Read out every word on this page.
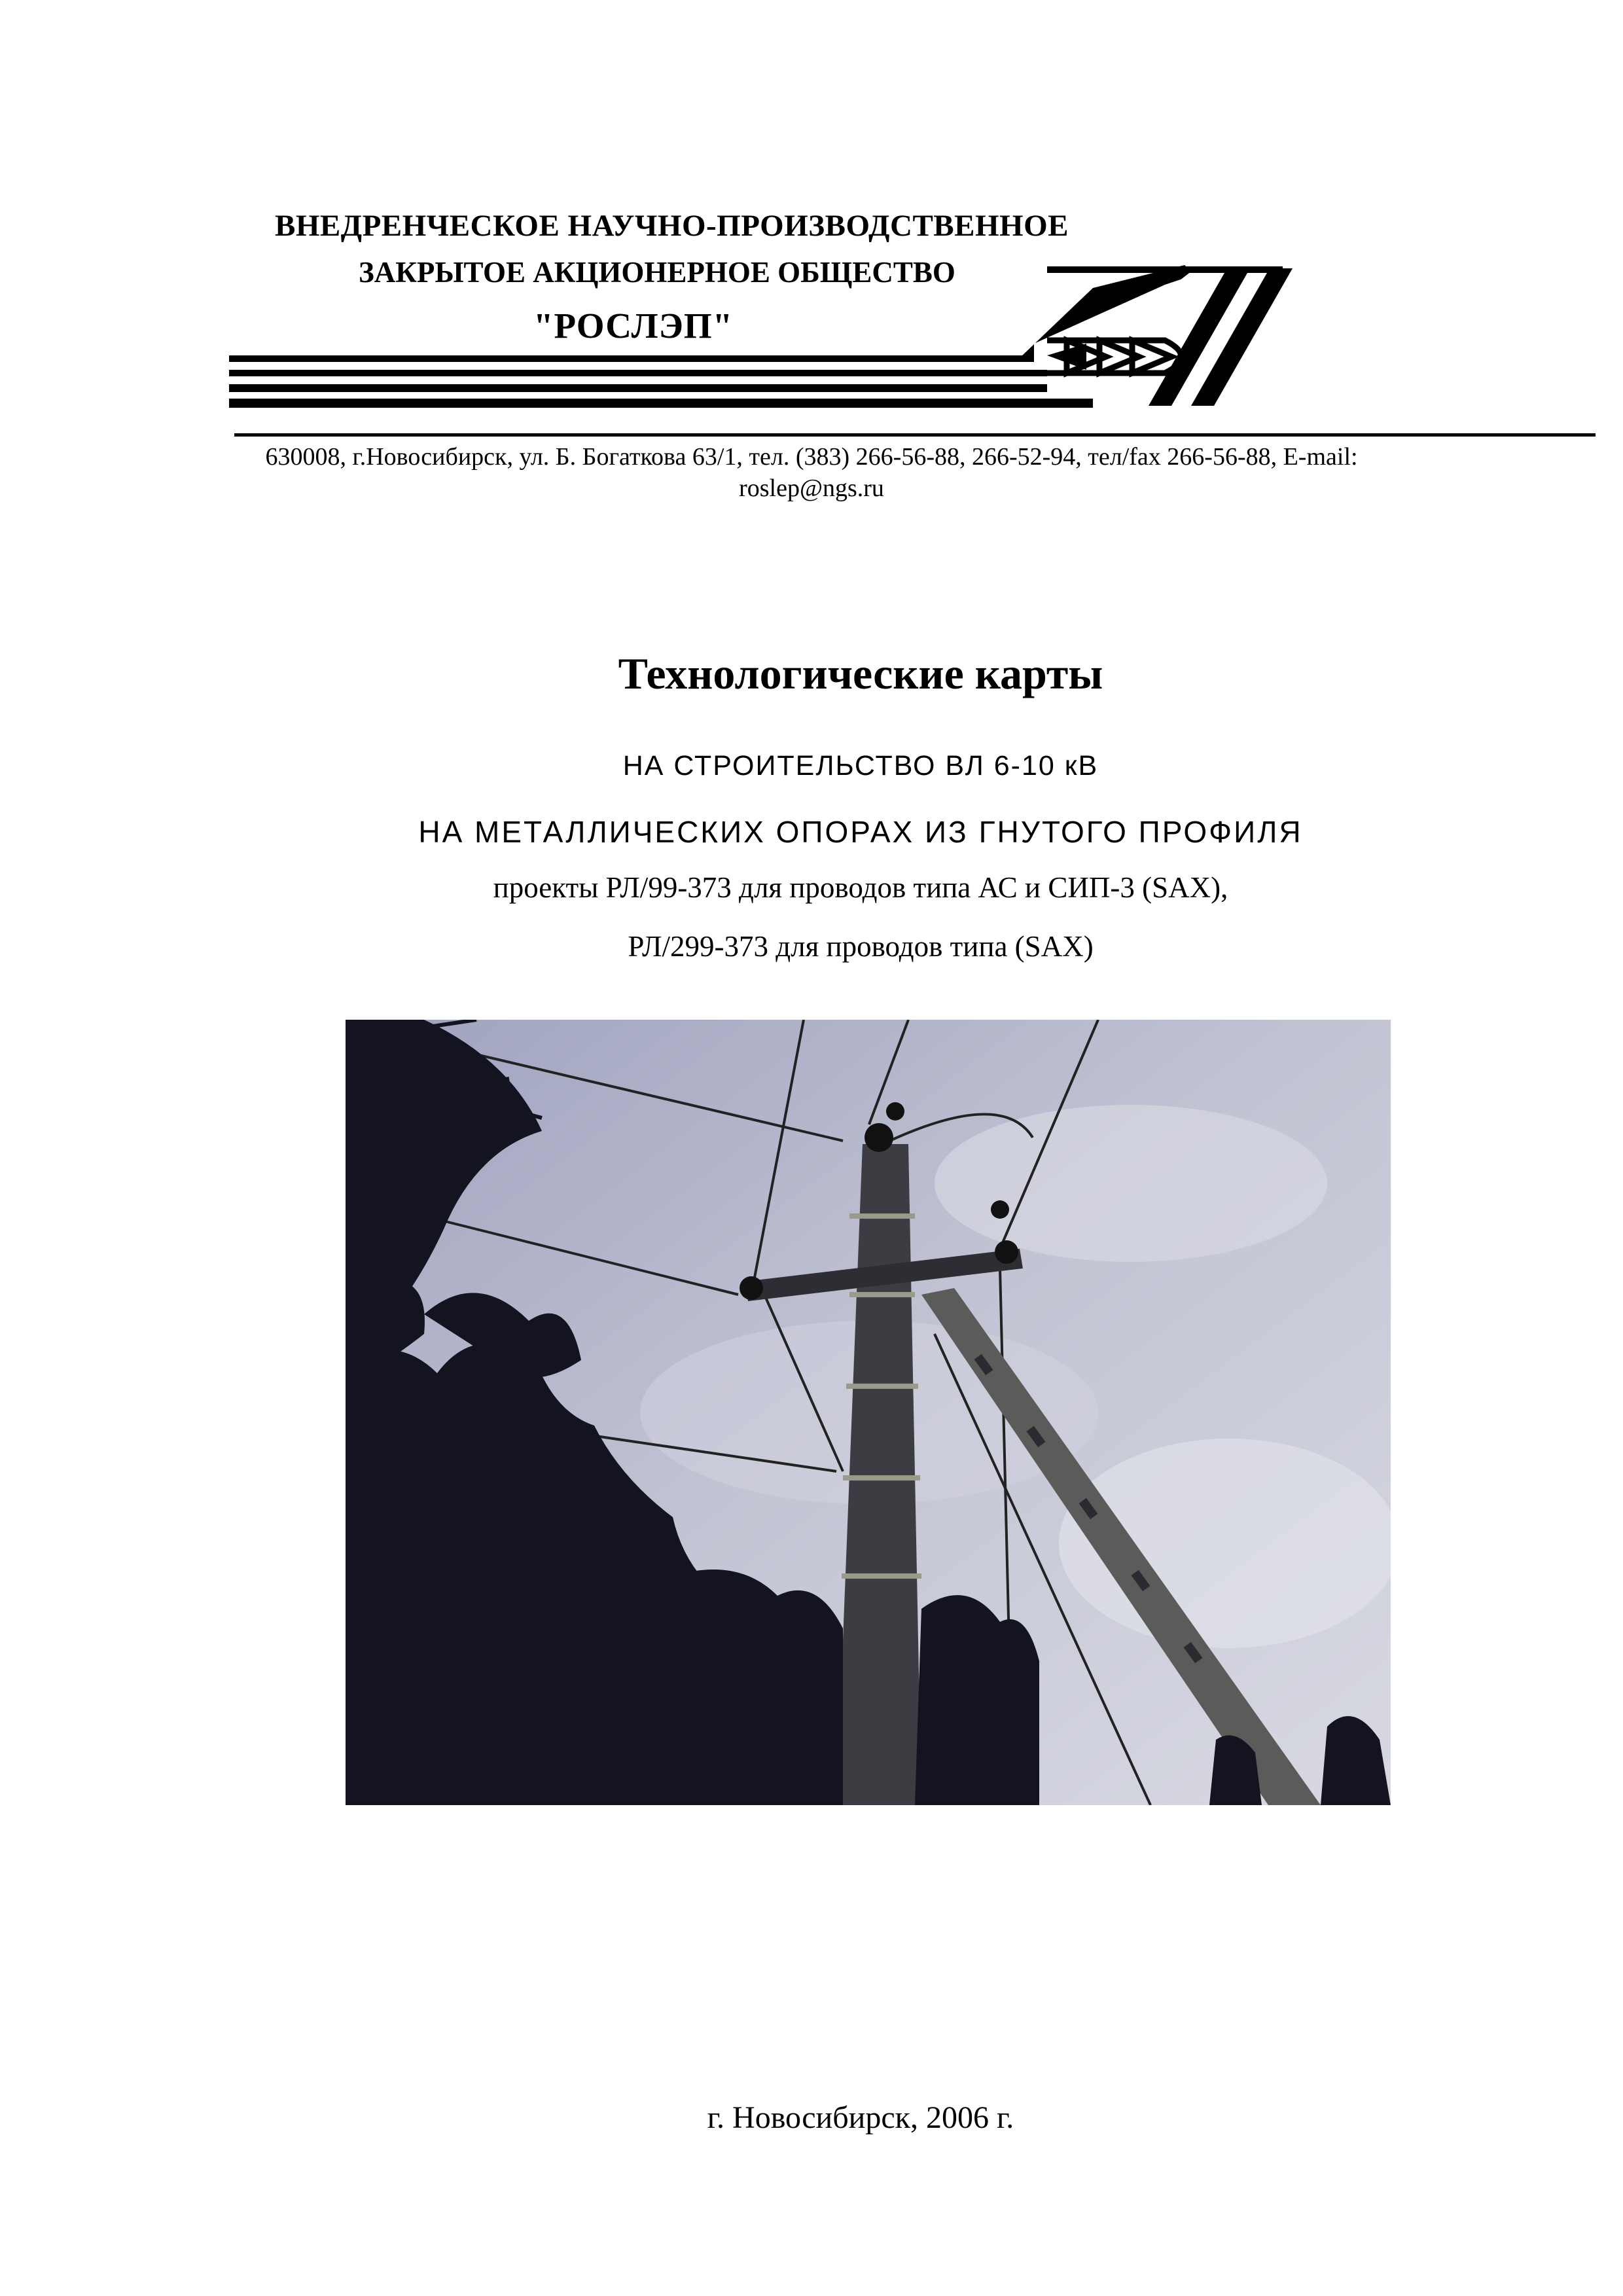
ВНЕДРЕНЧЕСКОЕ НАУЧНО-ПРОИЗВОДСТВЕННОЕ
ЗАКРЫТОЕ АКЦИОНЕРНОЕ ОБЩЕСТВО
"РОСЛЭП"
630008, г.Новосибирск, ул. Б. Богаткова 63/1, тел. (383) 266-56-88, 266-52-94, тел/fax 266-56-88, E-mail:
roslep@ngs.ru
Технологические карты
НА СТРОИТЕЛЬСТВО ВЛ 6-10 кВ
НА МЕТАЛЛИЧЕСКИХ ОПОРАХ ИЗ ГНУТОГО ПРОФИЛЯ
проекты РЛ/99-373 для проводов типа АС и СИП-3 (SAX),
РЛ/299-373 для проводов типа (SAX)
г. Новосибирск, 2006 г.
